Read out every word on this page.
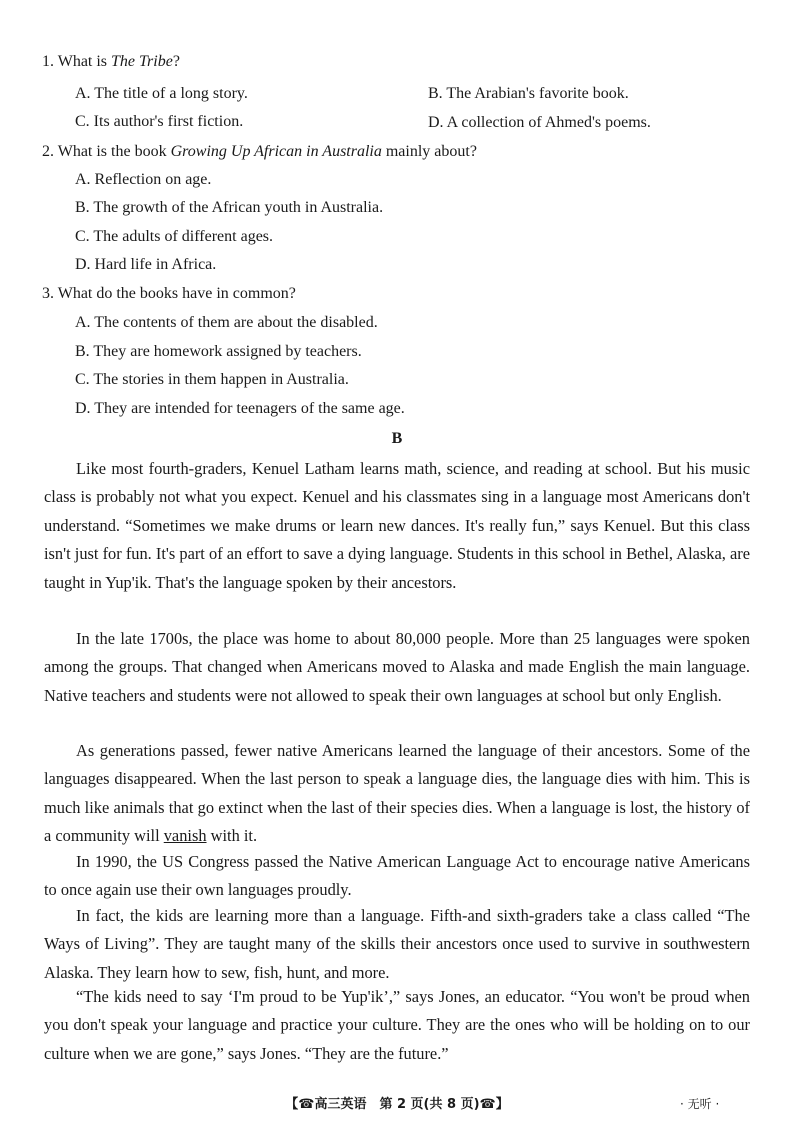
1. What is The Tribe?
A. The title of a long story.	B. The Arabian's favorite book.
C. Its author's first fiction.	D. A collection of Ahmed's poems.
2. What is the book Growing Up African in Australia mainly about?
A. Reflection on age.
B. The growth of the African youth in Australia.
C. The adults of different ages.
D. Hard life in Africa.
3. What do the books have in common?
A. The contents of them are about the disabled.
B. They are homework assigned by teachers.
C. The stories in them happen in Australia.
D. They are intended for teenagers of the same age.
B
Like most fourth-graders, Kenuel Latham learns math, science, and reading at school. But his music class is probably not what you expect. Kenuel and his classmates sing in a language most Americans don't understand. “Sometimes we make drums or learn new dances. It's really fun,” says Kenuel. But this class isn't just for fun. It's part of an effort to save a dying language. Students in this school in Bethel, Alaska, are taught in Yup'ik. That's the language spoken by their ancestors.
In the late 1700s, the place was home to about 80,000 people. More than 25 languages were spoken among the groups. That changed when Americans moved to Alaska and made English the main language. Native teachers and students were not allowed to speak their own languages at school but only English.
As generations passed, fewer native Americans learned the language of their ancestors. Some of the languages disappeared. When the last person to speak a language dies, the language dies with him. This is much like animals that go extinct when the last of their species dies. When a language is lost, the history of a community will vanish with it.
In 1990, the US Congress passed the Native American Language Act to encourage native Americans to once again use their own languages proudly.
In fact, the kids are learning more than a language. Fifth-and sixth-graders take a class called “The Ways of Living”. They are taught many of the skills their ancestors once used to survive in southwestern Alaska. They learn how to sew, fish, hunt, and more.
“The kids need to say ‘I'm proud to be Yup'ik’,” says Jones, an educator. “You won't be proud when you don't speak your language and practice your culture. They are the ones who will be holding on to our culture when we are gone,” says Jones. “They are the future.”
【☎高三英语　第 2 页(共 8 页)☎】	· 无听 ·
